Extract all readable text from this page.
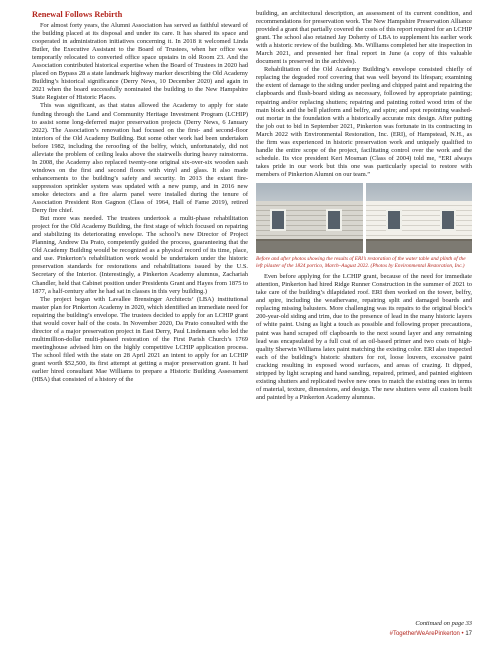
Renewal Follows Rebirth

For almost forty years, the Alumni Association has served as faithful steward of the building placed at its disposal and under its care. It has shared its space and cooperated in administration initiatives concerning it. In 2018 it welcomed Linda Butler, the Executive Assistant to the Board of Trustees, when her office was temporarily relocated to converted office space upstairs in old Room 23. And the Association contributed historical expertise when the Board of Trustees in 2020 had placed on Bypass 28 a state landmark highway marker describing the Old Academy Building’s historical significance (Derry News, 10 December 2020) and again in 2021 when the board successfully nominated the building to the New Hampshire State Register of Historic Places.

This was significant, as that status allowed the Academy to apply for state funding through the Land and Community Heritage Investment Program (LCHIP) to assist some long-deferred major preservation projects (Derry News, 6 January 2022). The Association’s renovation had focused on the first- and second-floor interiors of the Old Academy Building. But some other work had been undertaken before 1982, including the reroofing of the belfry, which, unfortunately, did not alleviate the problem of ceiling leaks above the stairwells during heavy rainstorms. In 2008, the Academy also replaced twenty-one original six-over-six wooden sash windows on the first and second floors with vinyl and glass. It also made enhancements to the building’s safety and security. In 2013 the extant fire-suppression sprinkler system was updated with a new pump, and in 2016 new smoke detectors and a fire alarm panel were installed during the tenure of Association President Ron Gagnon (Class of 1964, Hall of Fame 2019), retired Derry fire chief.

But more was needed. The trustees undertook a multi-phase rehabilitation project for the Old Academy Building, the first stage of which focused on repairing and stabilizing its deteriorating envelope. The school’s new Director of Project Planning, Andrew Da Prato, competently guided the process, guaranteeing that the Old Academy Building would be recognized as a physical record of its time, place, and use. Pinkerton’s rehabilitation work would be undertaken under the historic preservation standards for restorations and rehabilitations issued by the U.S. Secretary of the Interior. (Interestingly, a Pinkerton Academy alumnus, Zachariah Chandler, held that Cabinet position under Presidents Grant and Hayes from 1875 to 1877, a half-century after he had sat in classes in this very building.)

The project began with Lavallee Brensinger Architects’ (LBA) institutional master plan for Pinkerton Academy in 2020, which identified an immediate need for repairing the building’s envelope. The trustees decided to apply for an LCHIP grant that would cover half of the costs. In November 2020, Da Prato consulted with the director of a major preservation project in East Derry, Paul Lindemann who led the multimillion-dollar multi-phased restoration of the First Parish Church’s 1769 meetinghouse advised him on the highly competitive LCHIP application process. The school filed with the state on 28 April 2021 an intent to apply for an LCHIP grant worth $52,500, its first attempt at getting a major preservation grant. It had earlier hired consultant Mae Williams to prepare a Historic Building Assessment (HBA) that consisted of a history of the

building, an architectural description, an assessment of its current condition, and recommendations for preservation work. The New Hampshire Preservation Alliance provided a grant that partially covered the costs of this report required for an LCHIP grant. The school also retained Jay Doherty of LBA to supplement his earlier work with a historic review of the building. Ms. Williams completed her site inspection in March 2021, and presented her final report in June (a copy of this valuable document is preserved in the archives).

Rehabilitation of the Old Academy Building’s envelope consisted chiefly of replacing the degraded roof covering that was well beyond its lifespan; examining the extent of damage to the siding under peeling and chipped paint and repairing the clapboards and flush-board siding as necessary, followed by appropriate painting; repairing and/or replacing shutters; repairing and painting rotted wood trim of the main block and the bell platform and belfry, and spire; and spot repointing washed-out mortar in the foundation with a historically accurate mix design. After putting the job out to bid in September 2021, Pinkerton was fortunate in its contracting in March 2022 with Environmental Restoration, Inc. (ERI), of Hampstead, N.H., as the firm was experienced in historic preservation work and uniquely qualified to handle the entire scope of the project, facilitating control over the work and the schedule. Its vice president Keri Mosman (Class of 2004) told me, “ERI always takes pride in our work but this one was particularly special to restore with members of Pinkerton Alumni on our team.”

Before and after photos showing the results of ERI’s restoration of the water table and plinth of the left pilaster of the 1824 portico, March–August 2022. (Photos by Environmental Restoration, Inc.)

Even before applying for the LCHIP grant, because of the need for immediate attention, Pinkerton had hired Ridge Runner Construction in the summer of 2021 to take care of the building’s dilapidated roof. ERI then worked on the tower, belfry, and spire, including the weathervane, repairing split and damaged boards and replacing missing balusters. More challenging was its repairs to the original block’s 200-year-old siding and trim, due to the presence of lead in the many historic layers of white paint. Using as light a touch as possible and following proper precautions, paint was hand scraped off clapboards to the next sound layer and any remaining lead was encapsulated by a full coat of an oil-based primer and two coats of high-quality Sherwin Williams latex paint matching the existing color. ERI also inspected each of the building’s historic shutters for rot, loose louvers, excessive paint cracking resulting in exposed wood surfaces, and areas of crazing. It dipped, stripped by light scraping and hand sanding, repaired, primed, and painted eighteen existing shutters and replicated twelve new ones to match the existing ones in terms of material, texture, dimensions, and design. The new shutters were all custom built and painted by a Pinkerton Academy alumnus.

Continued on page 33
#TogetherWeArePinkerton • 17
